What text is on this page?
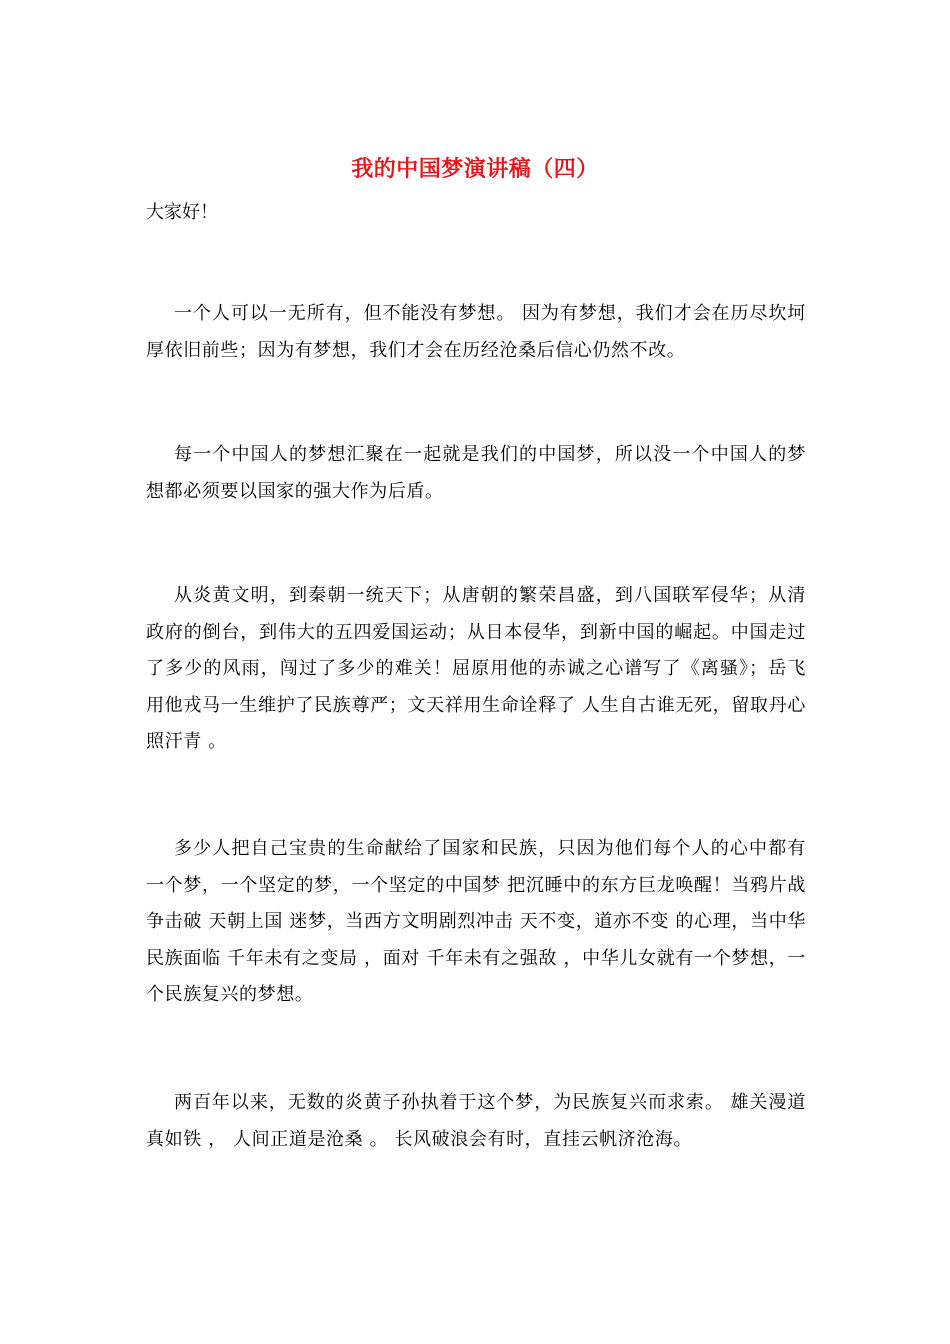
我的中国梦演讲稿（四）

大家好！

一个人可以一无所有，但不能没有梦想。 因为有梦想，我们才会在历尽坎坷厚依旧前些；因为有梦想，我们才会在历经沧桑后信心仍然不改。

每一个中国人的梦想汇聚在一起就是我们的中国梦，所以没一个中国人的梦想都必须要以国家的强大作为后盾。

从炎黄文明，到秦朝一统天下；从唐朝的繁荣昌盛，到八国联军侵华；从清政府的倒台，到伟大的五四爱国运动；从日本侵华，到新中国的崛起。中国走过了多少的风雨，闯过了多少的难关！屈原用他的赤诚之心谱写了《离骚》；岳飞用他戎马一生维护了民族尊严；文天祥用生命诠释了 人生自古谁无死，留取丹心照汗青 。

多少人把自己宝贵的生命献给了国家和民族，只因为他们每个人的心中都有一个梦，一个坚定的梦，一个坚定的中国梦 把沉睡中的东方巨龙唤醒！当鸦片战争击破 天朝上国 迷梦，当西方文明剧烈冲击 天不变，道亦不变 的心理，当中华民族面临 千年未有之变局 ，面对 千年未有之强敌 ，中华儿女就有一个梦想，一个民族复兴的梦想。

两百年以来，无数的炎黄子孙执着于这个梦，为民族复兴而求索。 雄关漫道真如铁 ， 人间正道是沧桑 。 长风破浪会有时，直挂云帆济沧海。
